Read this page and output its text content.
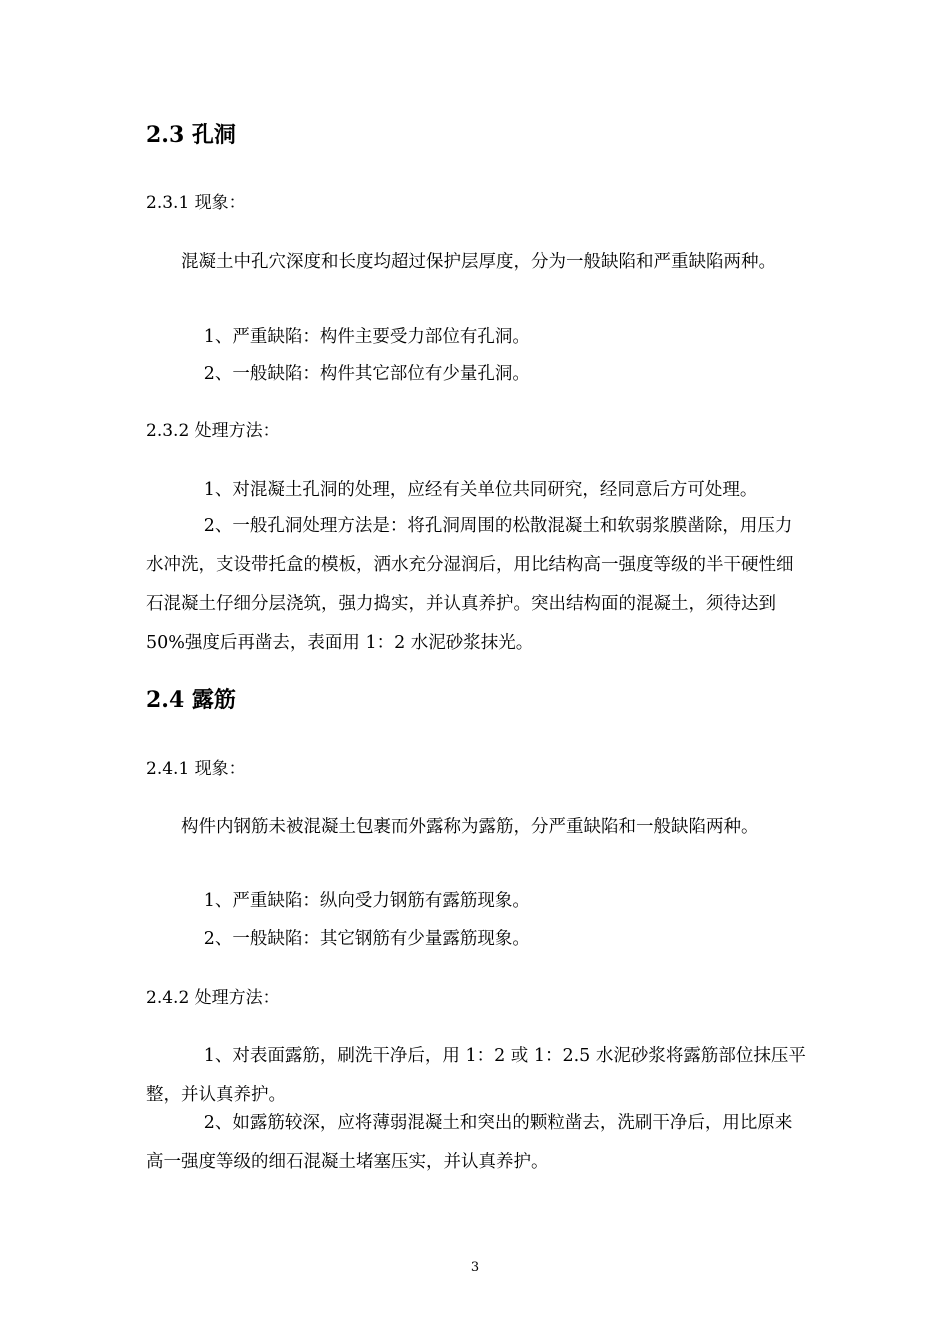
2.3 孔洞
2.3.1 现象：

混凝土中孔穴深度和长度均超过保护层厚度，分为一般缺陷和严重缺陷两种。

1、严重缺陷：构件主要受力部位有孔洞。

2、一般缺陷：构件其它部位有少量孔洞。

2.3.2 处理方法：

1、对混凝土孔洞的处理，应经有关单位共同研究，经同意后方可处理。

2、一般孔洞处理方法是：将孔洞周围的松散混凝土和软弱浆膜凿除，用压力水冲洗，支设带托盒的模板，洒水充分湿润后，用比结构高一强度等级的半干硬性细石混凝土仔细分层浇筑，强力捣实，并认真养护。突出结构面的混凝土，须待达到50%强度后再凿去，表面用 1：2 水泥砂浆抹光。

2.4 露筋
2.4.1 现象：

构件内钢筋未被混凝土包裹而外露称为露筋，分严重缺陷和一般缺陷两种。

1、严重缺陷：纵向受力钢筋有露筋现象。

2、一般缺陷：其它钢筋有少量露筋现象。

2.4.2 处理方法：

1、对表面露筋，刷洗干净后，用 1：2 或 1：2.5 水泥砂浆将露筋部位抹压平整，并认真养护。

2、如露筋较深，应将薄弱混凝土和突出的颗粒凿去，洗刷干净后，用比原来高一强度等级的细石混凝土堵塞压实，并认真养护。

3
